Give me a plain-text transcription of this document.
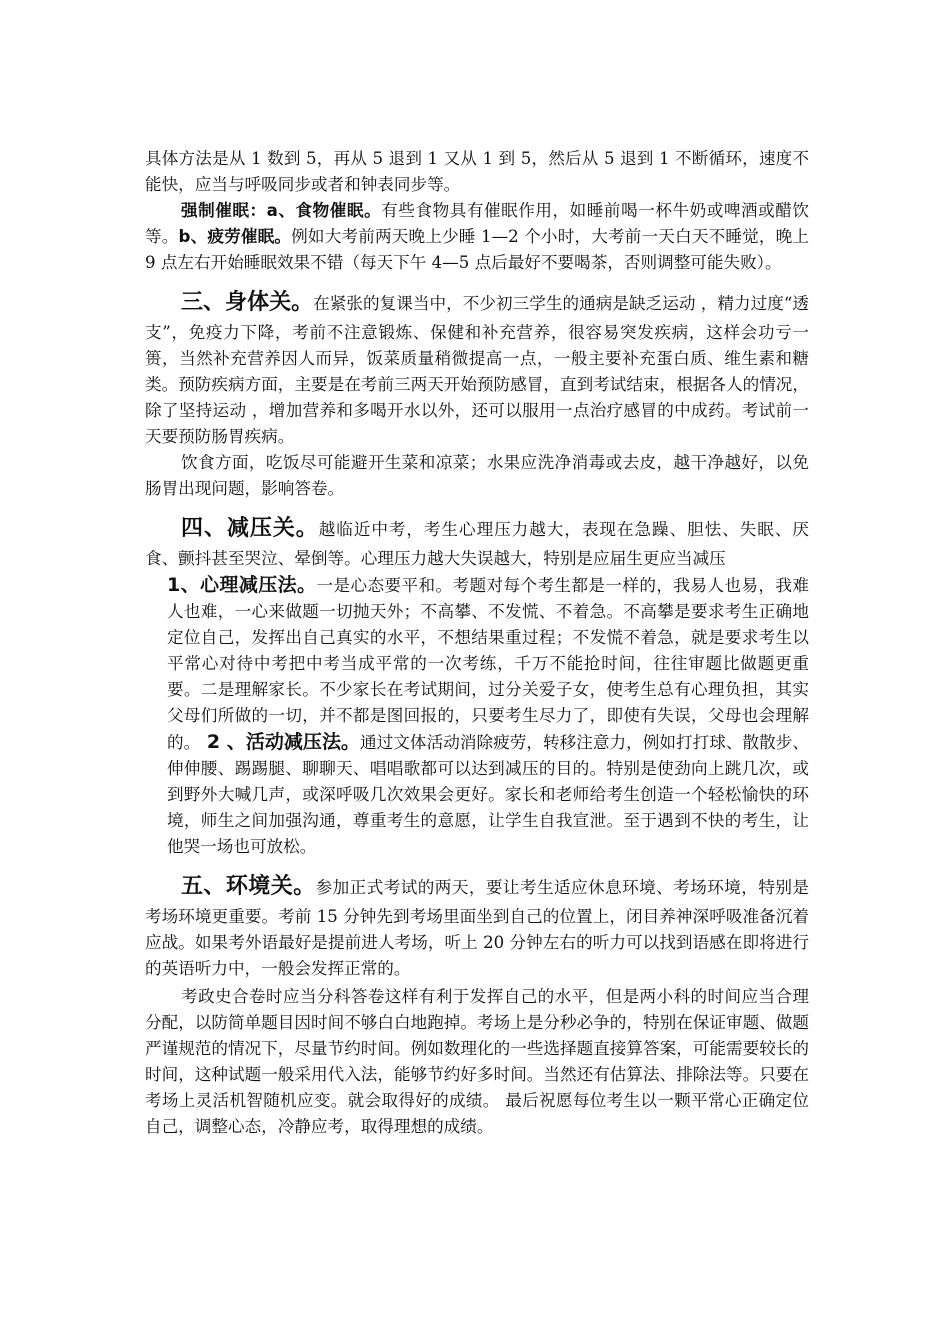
具体方法是从 1 数到 5，再从 5 退到 1 又从 1 到 5，然后从 5 退到 1 不断循环，速度不能快，应当与呼吸同步或者和钟表同步等。

强制催眠：a、食物催眠。有些食物具有催眠作用，如睡前喝一杯牛奶或啤酒或醋饮等。b、疲劳催眠。例如大考前两天晚上少睡 1—2 个小时，大考前一天白天不睡觉，晚上 9 点左右开始睡眠效果不错（每天下午 4—5 点后最好不要喝茶，否则调整可能失败）。

三、身体关。在紧张的复课当中，不少初三学生的通病是缺乏运动 ，精力过度“透支”，免疫力下降，考前不注意锻炼、保健和补充营养，很容易突发疾病，这样会功亏一篑，当然补充营养因人而异，饭菜质量稍微提高一点，一般主要补充蛋白质、维生素和糖类。预防疾病方面，主要是在考前三两天开始预防感冒，直到考试结束，根据各人的情况，除了坚持运动 ，增加营养和多喝开水以外，还可以服用一点治疗感冒的中成药。考试前一天要预防肠胃疾病。

饮食方面，吃饭尽可能避开生菜和凉菜；水果应洗净消毒或去皮，越干净越好，以免肠胃出现问题，影响答卷。

四、减压关。越临近中考，考生心理压力越大，表现在急躁、胆怯、失眠、厌食、颤抖甚至哭泣、晕倒等。心理压力越大失误越大，特别是应届生更应当减压

1、心理减压法。一是心态要平和。考题对每个考生都是一样的，我易人也易，我难人也难，一心来做题一切抛天外；不高攀、不发慌、不着急。不高攀是要求考生正确地定位自己，发挥出自己真实的水平，不想结果重过程；不发慌不着急，就是要求考生以平常心对待中考把中考当成平常的一次考练，千万不能抢时间，往往审题比做题更重要。二是理解家长。不少家长在考试期间，过分关爱子女，使考生总有心理负担，其实父母们所做的一切，并不都是图回报的，只要考生尽力了，即使有失误，父母也会理解的。 2 、活动减压法。通过文体活动消除疲劳，转移注意力，例如打打球、散散步、伸伸腰、踢踢腿、聊聊天、唱唱歌都可以达到减压的目的。特别是使劲向上跳几次，或到野外大喊几声，或深呼吸几次效果会更好。家长和老师给考生创造一个轻松愉快的环境，师生之间加强沟通，尊重考生的意愿，让学生自我宣泄。至于遇到不快的考生，让他哭一场也可放松。

五、环境关。参加正式考试的两天，要让考生适应休息环境、考场环境，特别是考场环境更重要。考前 15 分钟先到考场里面坐到自己的位置上，闭目养神深呼吸准备沉着应战。如果考外语最好是提前进人考场，听上 20 分钟左右的听力可以找到语感在即将进行的英语听力中，一般会发挥正常的。

考政史合卷时应当分科答卷这样有利于发挥自己的水平，但是两小科的时间应当合理分配，以防简单题目因时间不够白白地跑掉。考场上是分秒必争的，特别在保证审题、做题严谨规范的情况下，尽量节约时间。例如数理化的一些选择题直接算答案，可能需要较长的时间，这种试题一般采用代入法，能够节约好多时间。当然还有估算法、排除法等。只要在考场上灵活机智随机应变。就会取得好的成绩。 最后祝愿每位考生以一颗平常心正确定位自己，调整心态，冷静应考，取得理想的成绩。
